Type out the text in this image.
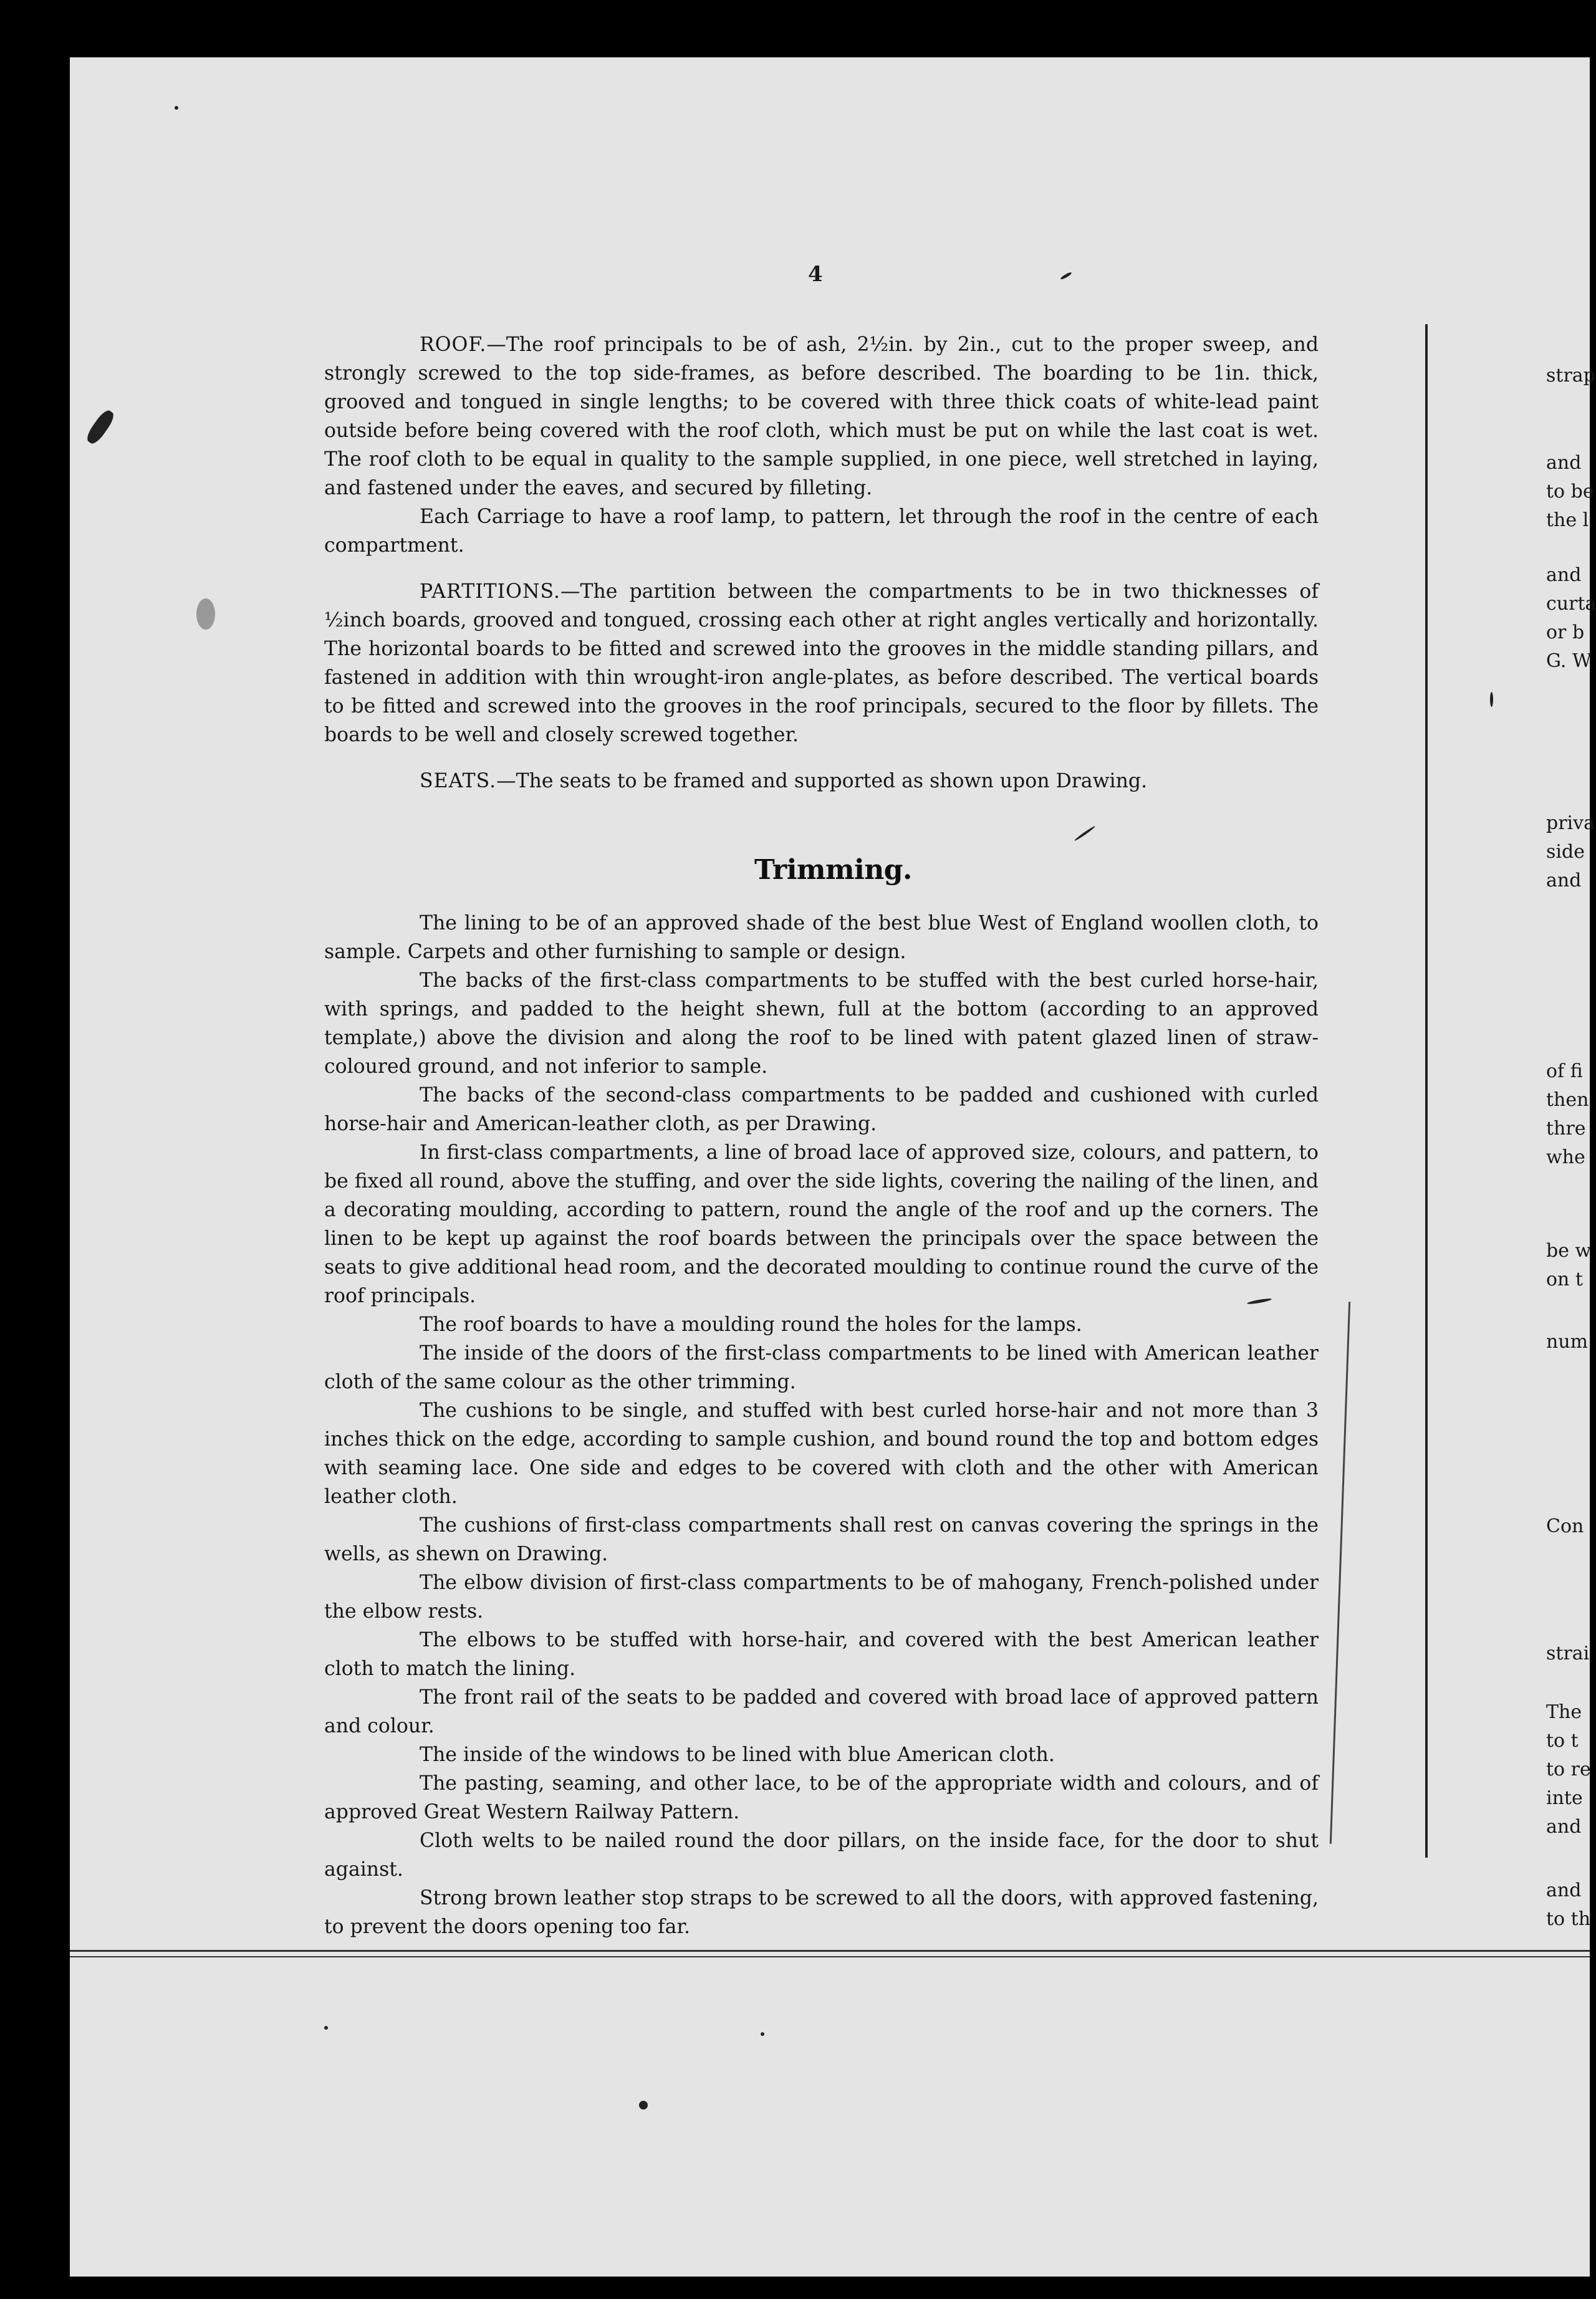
4

ROOF.—The roof principals to be of ash, 2½in. by 2in., cut to the proper sweep, and strongly screwed to the top side-frames, as before described. The boarding to be 1in. thick, grooved and tongued in single lengths; to be covered with three thick coats of white-lead paint outside before being covered with the roof cloth, which must be put on while the last coat is wet. The roof cloth to be equal in quality to the sample supplied, in one piece, well stretched in laying, and fastened under the eaves, and secured by filleting.

Each Carriage to have a roof lamp, to pattern, let through the roof in the centre of each compartment.

PARTITIONS.—The partition between the compartments to be in two thicknesses of ½inch boards, grooved and tongued, crossing each other at right angles vertically and horizontally. The horizontal boards to be fitted and screwed into the grooves in the middle standing pillars, and fastened in addition with thin wrought-iron angle-plates, as before described. The vertical boards to be fitted and screwed into the grooves in the roof principals, secured to the floor by fillets. The boards to be well and closely screwed together.

SEATS.—The seats to be framed and supported as shown upon Drawing.

Trimming.

The lining to be of an approved shade of the best blue West of England woollen cloth, to sample. Carpets and other furnishing to sample or design.

The backs of the first-class compartments to be stuffed with the best curled horse-hair, with springs, and padded to the height shewn, full at the bottom (according to an approved template,) above the division and along the roof to be lined with patent glazed linen of straw-coloured ground, and not inferior to sample.

The backs of the second-class compartments to be padded and cushioned with curled horse-hair and American-leather cloth, as per Drawing.

In first-class compartments, a line of broad lace of approved size, colours, and pattern, to be fixed all round, above the stuffing, and over the side lights, covering the nailing of the linen, and a decorating moulding, according to pattern, round the angle of the roof and up the corners. The linen to be kept up against the roof boards between the principals over the space between the seats to give additional head room, and the decorated moulding to continue round the curve of the roof principals.

The roof boards to have a moulding round the holes for the lamps.

The inside of the doors of the first-class compartments to be lined with American leather cloth of the same colour as the other trimming.

The cushions to be single, and stuffed with best curled horse-hair and not more than 3 inches thick on the edge, according to sample cushion, and bound round the top and bottom edges with seaming lace. One side and edges to be covered with cloth and the other with American leather cloth.

The cushions of first-class compartments shall rest on canvas covering the springs in the wells, as shewn on Drawing.

The elbow division of first-class compartments to be of mahogany, French-polished under the elbow rests.

The elbows to be stuffed with horse-hair, and covered with the best American leather cloth to match the lining.

The front rail of the seats to be padded and covered with broad lace of approved pattern and colour.

The inside of the windows to be lined with blue American cloth.

The pasting, seaming, and other lace, to be of the appropriate width and colours, and of approved Great Western Railway Pattern.

Cloth welts to be nailed round the door pillars, on the inside face, for the door to shut against.

Strong brown leather stop straps to be screwed to all the doors, with approved fastening, to prevent the doors opening too far.

strap
and
to be
the l
and
curta
or b
G. W
priva
side
and
of fi
then
thre
whe
be w
on t
num
Con
strai
The
to t
to re
inte
and
and
to th
